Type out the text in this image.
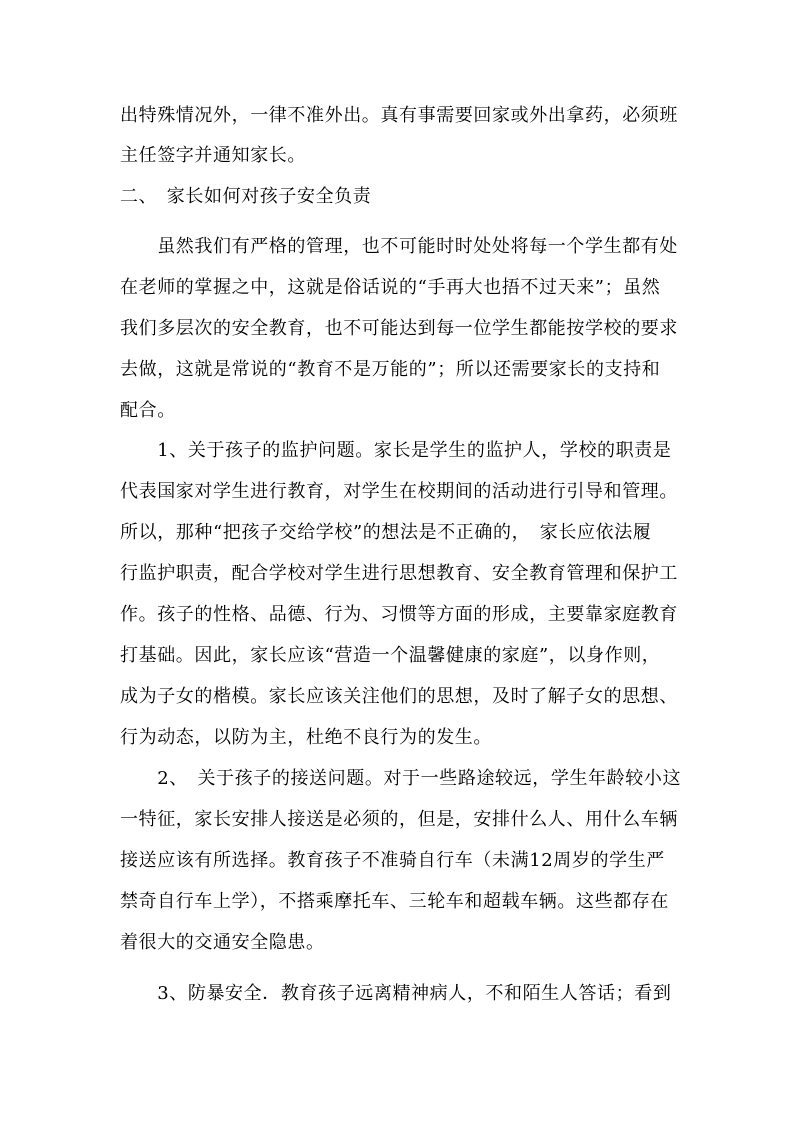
出特殊情况外，一律不准外出。真有事需要回家或外出拿药，必须班
主任签字并通知家长。
二、　家长如何对孩子安全负责
　　虽然我们有严格的管理，也不可能时时处处将每一个学生都有处
在老师的掌握之中，这就是俗话说的“手再大也捂不过天来”；虽然
我们多层次的安全教育，也不可能达到每一位学生都能按学校的要求
去做，这就是常说的“教育不是万能的”；所以还需要家长的支持和
配合。
　　1、关于孩子的监护问题。家长是学生的监护人，学校的职责是
代表国家对学生进行教育，对学生在校期间的活动进行引导和管理。
所以，那种“把孩子交给学校”的想法是不正确的，　家长应依法履
行监护职责，配合学校对学生进行思想教育、安全教育管理和保护工
作。孩子的性格、品德、行为、习惯等方面的形成，主要靠家庭教育
打基础。因此，家长应该“营造一个温馨健康的家庭”，以身作则，
成为子女的楷模。家长应该关注他们的思想，及时了解子女的思想、
行为动态，以防为主，杜绝不良行为的发生。
　　2、　关于孩子的接送问题。对于一些路途较远，学生年龄较小这
一特征，家长安排人接送是必须的，但是，安排什么人、用什么车辆
接送应该有所选择。教育孩子不准骑自行车（未满12周岁的学生严
禁奇自行车上学），不搭乘摩托车、三轮车和超载车辆。这些都存在
着很大的交通安全隐患。
　　3、防暴安全．教育孩子远离精神病人，不和陌生人答话；看到
